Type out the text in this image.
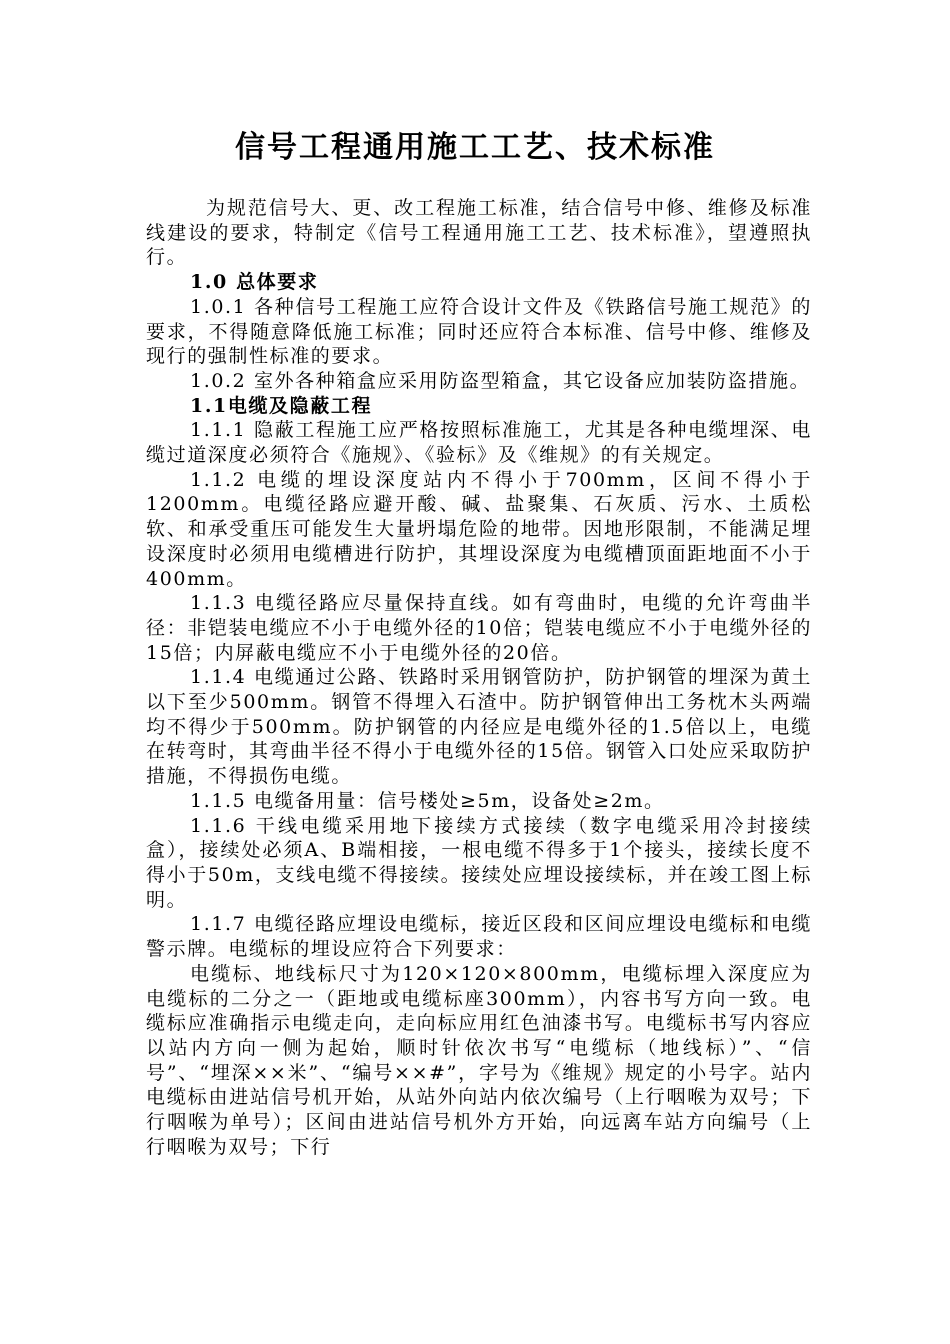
信号工程通用施工工艺、技术标准

为规范信号大、更、改工程施工标准，结合信号中修、维修及标准线建设的要求，特制定《信号工程通用施工工艺、技术标准》，望遵照执行。

1.0 总体要求

1.0.1 各种信号工程施工应符合设计文件及《铁路信号施工规范》的要求，不得随意降低施工标准；同时还应符合本标准、信号中修、维修及现行的强制性标准的要求。

1.0.2 室外各种箱盒应采用防盗型箱盒，其它设备应加装防盗措施。

1.1电缆及隐蔽工程

1.1.1 隐蔽工程施工应严格按照标准施工，尤其是各种电缆埋深、电缆过道深度必须符合《施规》、《验标》及《维规》的有关规定。

1.1.2 电缆的埋设深度站内不得小于700mm，区间不得小于1200mm。电缆径路应避开酸、碱、盐聚集、石灰质、污水、土质松软、和承受重压可能发生大量坍塌危险的地带。因地形限制，不能满足埋设深度时必须用电缆槽进行防护，其埋设深度为电缆槽顶面距地面不小于400mm。

1.1.3 电缆径路应尽量保持直线。如有弯曲时，电缆的允许弯曲半径：非铠装电缆应不小于电缆外径的10倍；铠装电缆应不小于电缆外径的15倍；内屏蔽电缆应不小于电缆外径的20倍。

1.1.4 电缆通过公路、铁路时采用钢管防护，防护钢管的埋深为黄土以下至少500mm。钢管不得埋入石渣中。防护钢管伸出工务枕木头两端均不得少于500mm。防护钢管的内径应是电缆外径的1.5倍以上，电缆在转弯时，其弯曲半径不得小于电缆外径的15倍。钢管入口处应采取防护措施，不得损伤电缆。

1.1.5 电缆备用量：信号楼处≥5m，设备处≥2m。

1.1.6 干线电缆采用地下接续方式接续（数字电缆采用冷封接续盒），接续处必须A、B端相接，一根电缆不得多于1个接头，接续长度不得小于50m，支线电缆不得接续。接续处应埋设接续标，并在竣工图上标明。

1.1.7 电缆径路应埋设电缆标，接近区段和区间应埋设电缆标和电缆警示牌。电缆标的埋设应符合下列要求：

电缆标、地线标尺寸为120×120×800mm，电缆标埋入深度应为电缆标的二分之一（距地或电缆标座300mm），内容书写方向一致。电缆标应准确指示电缆走向，走向标应用红色油漆书写。电缆标书写内容应以站内方向一侧为起始，顺时针依次书写“电缆标（地线标）”、“信号”、“埋深××米”、“编号××#”，字号为《维规》规定的小号字。站内电缆标由进站信号机开始，从站外向站内依次编号（上行咽喉为双号；下行咽喉为单号）；区间由进站信号机外方开始，向远离车站方向编号（上行咽喉为双号；下行
